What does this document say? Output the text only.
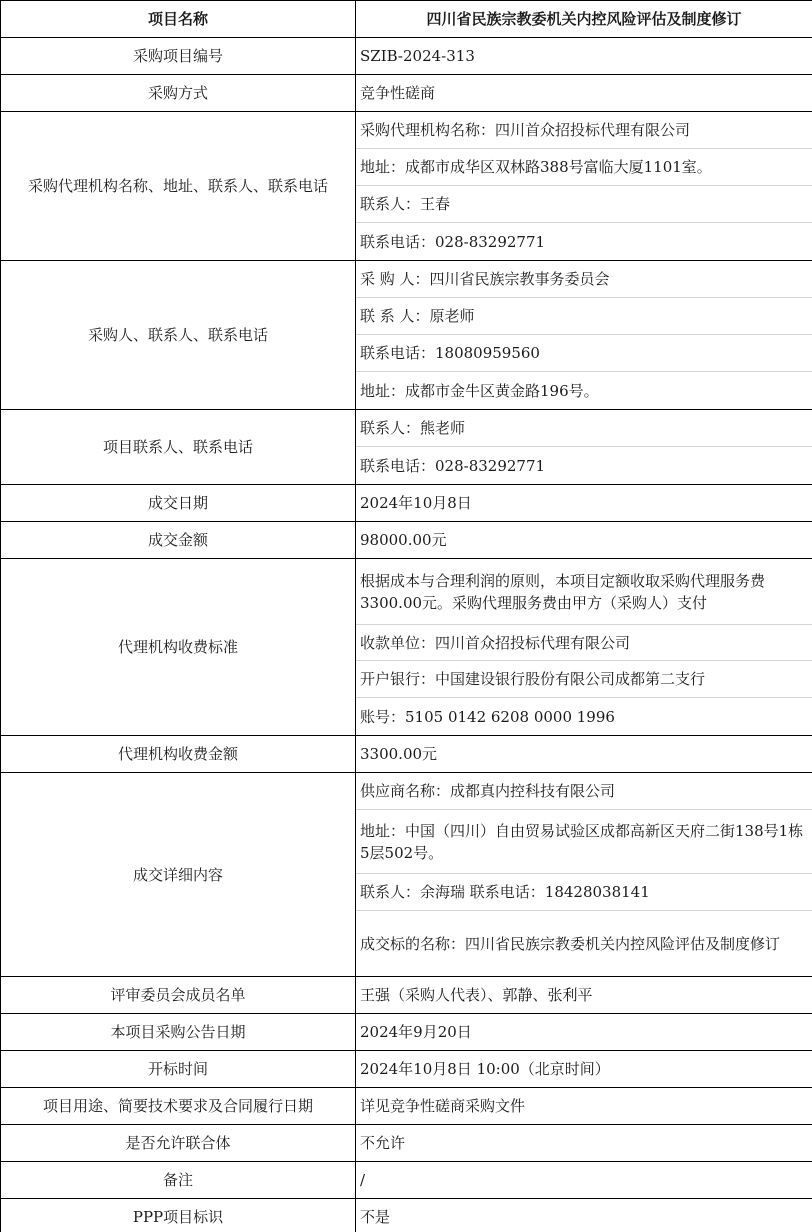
项目名称	四川省民族宗教委机关内控风险评估及制度修订
采购项目编号	SZIB-2024-313
采购方式	竞争性磋商
采购代理机构名称、地址、联系人、联系电话	采购代理机构名称：四川首众招投标代理有限公司
地址：成都市成华区双林路388号富临大厦1101室。
联系人：王春
联系电话：028-83292771

采购人、联系人、联系电话	采 购 人：四川省民族宗教事务委员会
联 系 人：原老师
联系电话：18080959560
地址：成都市金牛区黄金路196号。

项目联系人、联系电话	联系人：熊老师
联系电话：028-83292771

成交日期	2024年10月8日
成交金额	98000.00元
代理机构收费标准	根据成本与合理利润的原则，本项目定额收取采购代理服务费3300.00元。采购代理服务费由甲方（采购人）支付
收款单位：四川首众招投标代理有限公司
开户银行：中国建设银行股份有限公司成都第二支行
账号：5105 0142 6208 0000 1996

代理机构收费金额	3300.00元
成交详细内容	供应商名称：成都真内控科技有限公司
地址：中国（四川）自由贸易试验区成都高新区天府二街138号1栋5层502号。
联系人：余海瑞 联系电话：18428038141
成交标的名称：四川省民族宗教委机关内控风险评估及制度修订

评审委员会成员名单	王强（采购人代表）、郭静、张利平
本项目采购公告日期	2024年9月20日
开标时间	2024年10月8日 10:00（北京时间）
项目用途、简要技术要求及合同履行日期	详见竞争性磋商采购文件
是否允许联合体	不允许
备注	/
PPP项目标识	不是
